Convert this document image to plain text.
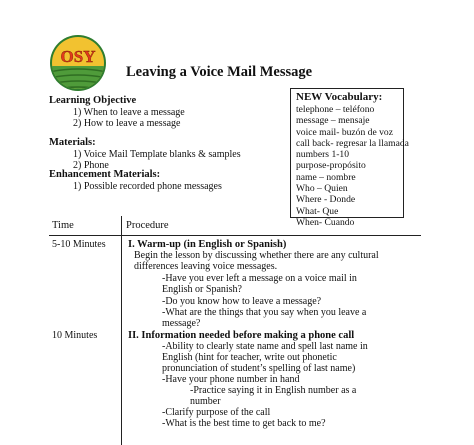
OSY
Leaving a Voice Mail Message
Learning Objective
1) When to leave a message
2) How to leave a message
Materials:
1) Voice Mail Template blanks & samples
2) Phone
Enhancement Materials:
1) Possible recorded phone messages
NEW Vocabulary:
telephone – teléfono
message – mensaje
voice mail- buzón de voz
call back- regresar la llamada
numbers 1-10
purpose-propósito
name – nombre
Who – Quien
Where - Donde
What- Que
When- Cuando
Time	Procedure
5-10 Minutes I. Warm-up (in English or Spanish)
Begin the lesson by discussing whether there are any cultural
differences leaving voice messages.
-Have you ever left a message on a voice mail in
English or Spanish?
-Do you know how to leave a message?
-What are the things that you say when you leave a
message?
10 Minutes	II. Information needed before making a phone call
-Ability to clearly state name and spell last name in
English (hint for teacher, write out phonetic
pronunciation of student’s spelling of last name)
-Have your phone number in hand
-Practice saying it in English number as a
number
-Clarify purpose of the call
-What is the best time to get back to me?
